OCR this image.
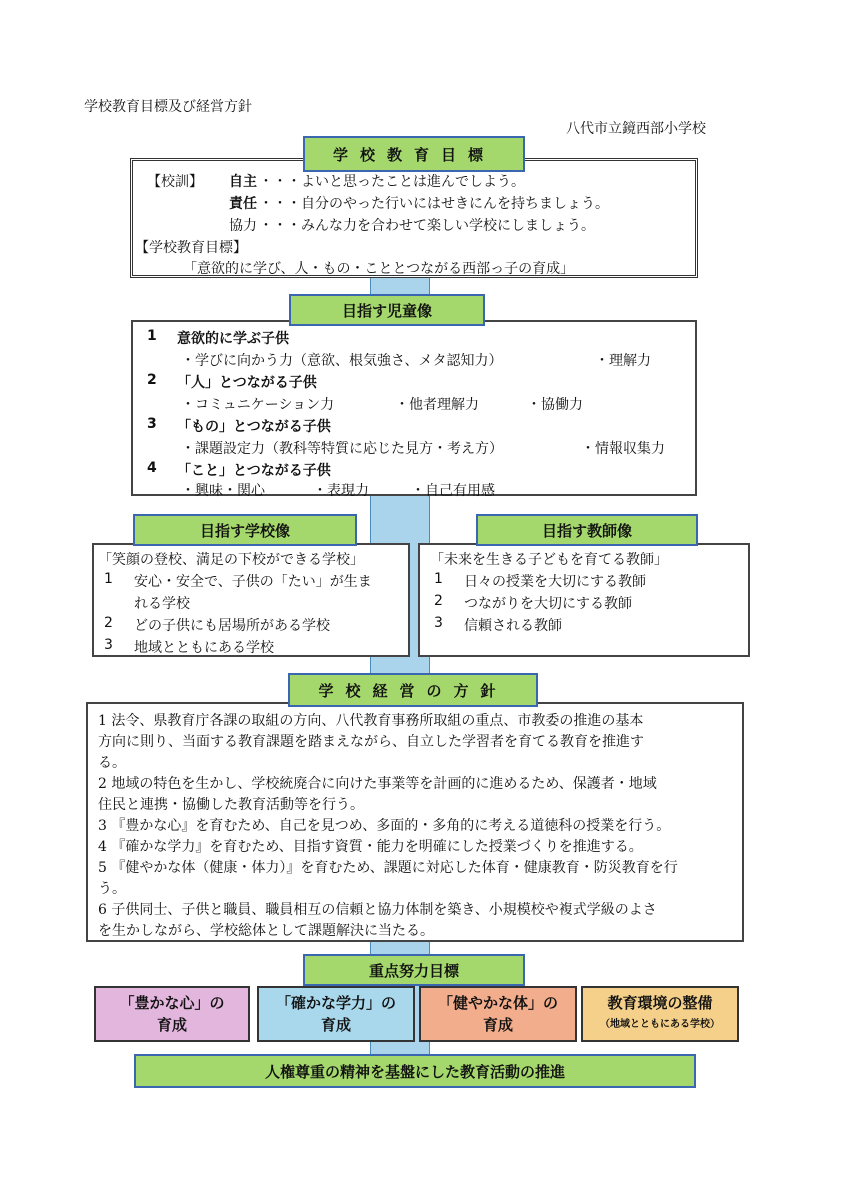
学校教育目標及び経営方針
八代市立鏡西部小学校
【校訓】 自主 ・・・よいと思ったことは進んでしよう。
責任 ・・・自分のやった行いにはせきにんを持ちましょう。
協力 ・・・みんな力を合わせて楽しい学校にしましょう。
【学校教育目標】
「意欲的に学び、人・もの・こととつながる西部っ子の育成」
学校教育目標
1 意欲的に学ぶ子供
・学びに向かう力（意欲、根気強さ、メタ認知力）	・理解力
2 「人」とつながる子供
・コミュニケーション力	・他者理解力	・協働力
3 「もの」とつながる子供
・課題設定力（教科等特質に応じた見方・考え方）	・情報収集力
4 「こと」とつながる子供
・興味・関心	・表現力	・自己有用感
目指す児童像
「笑顔の登校、満足の下校ができる学校」
1 安心・安全で、子供の「たい」が生ま
れる学校
2 どの子供にも居場所がある学校
3 地域とともにある学校
目指す学校像
「未来を生きる子どもを育てる教師」
1 日々の授業を大切にする教師
2 つながりを大切にする教師
3 信頼される教師
目指す教師像
1 法令、県教育庁各課の取組の方向、八代教育事務所取組の重点、市教委の推進の基本
方向に則り、当面する教育課題を踏まえながら、自立した学習者を育てる教育を推進す
る。
2 地域の特色を生かし、学校統廃合に向けた事業等を計画的に進めるため、保護者・地域
住民と連携・協働した教育活動等を行う。
3 『豊かな心』を育むため、自己を見つめ、多面的・多角的に考える道徳科の授業を行う。
4 『確かな学力』を育むため、目指す資質・能力を明確にした授業づくりを推進する。
5 『健やかな体（健康・体力）』を育むため、課題に対応した体育・健康教育・防災教育を行
う。
6 子供同士、子供と職員、職員相互の信頼と協力体制を築き、小規模校や複式学級のよさ
を生かしながら、学校総体として課題解決に当たる。
学校経営の方針
重点努力目標
「豊かな心」の
育成
「確かな学力」の
育成
「健やかな体」の
育成
教育環境の整備
（地域とともにある学校）
人権尊重の精神を基盤にした教育活動の推進
